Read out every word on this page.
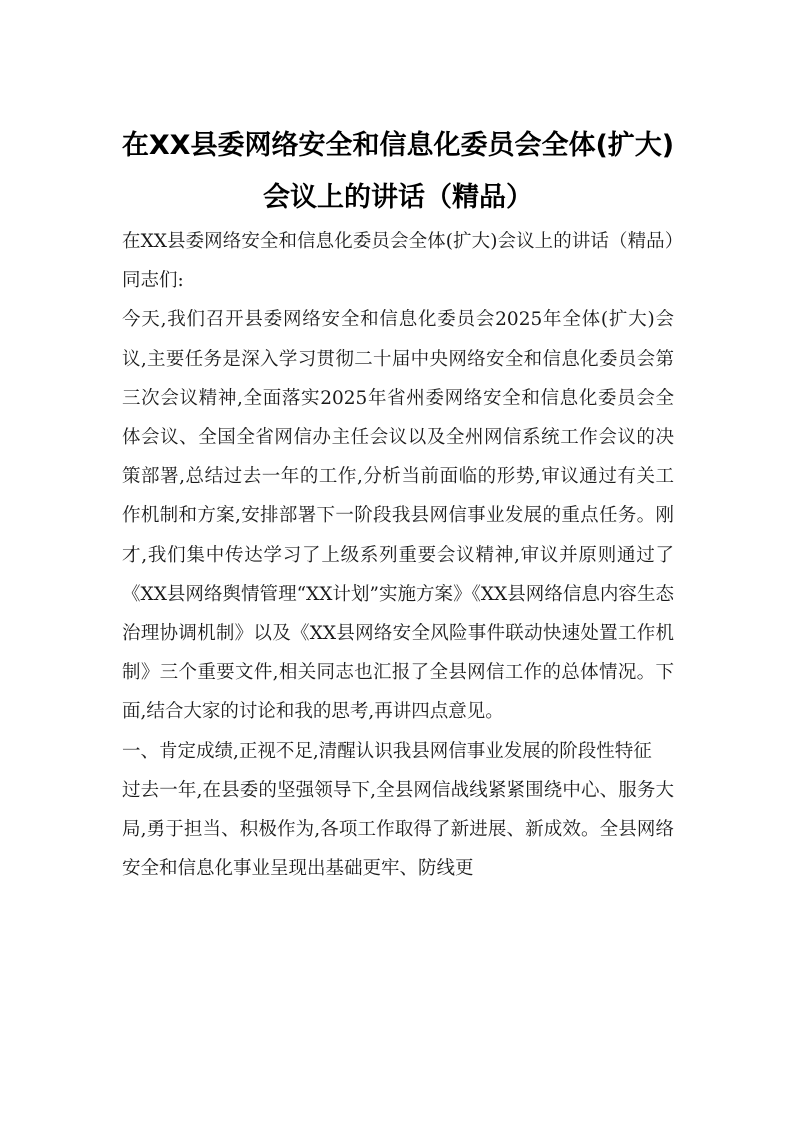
在XX县委网络安全和信息化委员会全体(扩大)会议上的讲话（精品）

在XX县委网络安全和信息化委员会全体(扩大)会议上的讲话（精品）同志们:

今天,我们召开县委网络安全和信息化委员会2025年全体(扩大)会议,主要任务是深入学习贯彻二十届中央网络安全和信息化委员会第三次会议精神,全面落实2025年省州委网络安全和信息化委员会全体会议、全国全省网信办主任会议以及全州网信系统工作会议的决策部署,总结过去一年的工作,分析当前面临的形势,审议通过有关工作机制和方案,安排部署下一阶段我县网信事业发展的重点任务。刚才,我们集中传达学习了上级系列重要会议精神,审议并原则通过了《XX县网络舆情管理“XX计划”实施方案》《XX县网络信息内容生态治理协调机制》以及《XX县网络安全风险事件联动快速处置工作机制》三个重要文件,相关同志也汇报了全县网信工作的总体情况。下面,结合大家的讨论和我的思考,再讲四点意见。

一、肯定成绩,正视不足,清醒认识我县网信事业发展的阶段性特征

过去一年,在县委的坚强领导下,全县网信战线紧紧围绕中心、服务大局,勇于担当、积极作为,各项工作取得了新进展、新成效。全县网络安全和信息化事业呈现出基础更牢、防线更
